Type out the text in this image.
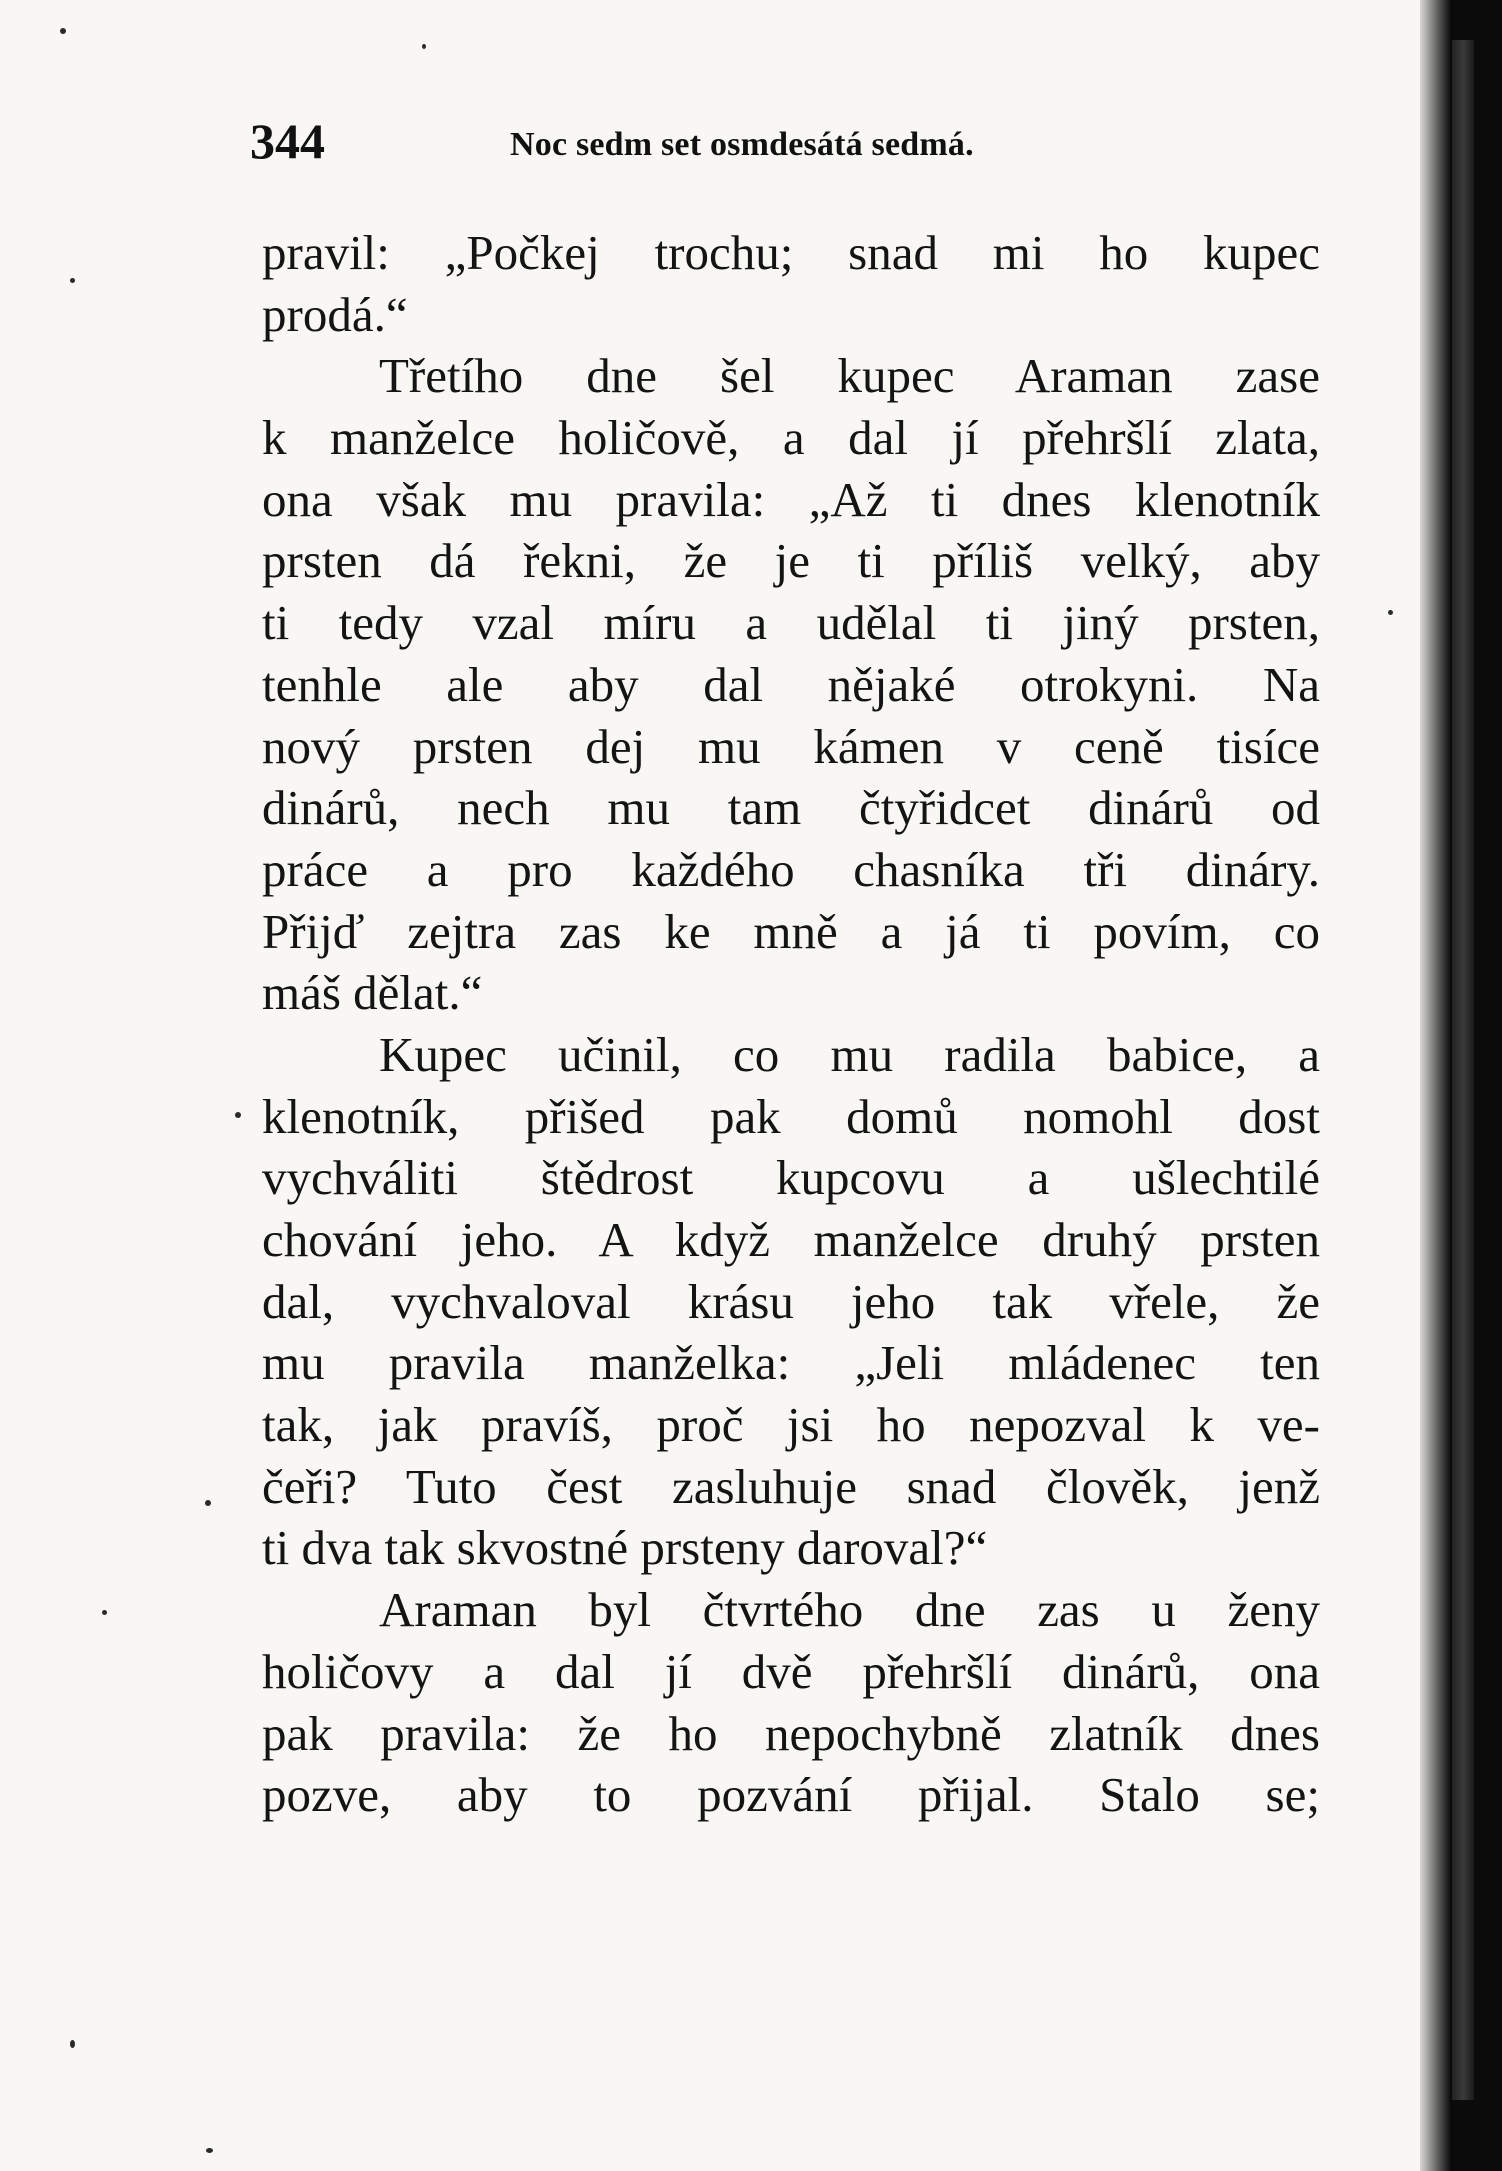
344	Noc sedm set osmdesátá sedmá.
pravil: „Počkej trochu; snad mi ho kupec
prodá.“
Třetího dne šel kupec Araman zase
k manželce holičově, a dal jí přehršlí zlata,
ona však mu pravila: „Až ti dnes klenotník
prsten dá řekni, že je ti příliš velký, aby
ti tedy vzal míru a udělal ti jiný prsten,
tenhle ale aby dal nějaké otrokyni. Na
nový prsten dej mu kámen v ceně tisíce
dinárů, nech mu tam čtyřidcet dinárů od
práce a pro každého chasníka tři dináry.
Přijď zejtra zas ke mně a já ti povím, co
máš dělat.“
Kupec učinil, co mu radila babice, a
klenotník, přišed pak domů nomohl dost
vychváliti štědrost kupcovu a ušlechtilé
chování jeho. A když manželce druhý prsten
dal, vychvaloval krásu jeho tak vřele, že
mu pravila manželka: „Jeli mládenec ten
tak, jak pravíš, proč jsi ho nepozval k ve-
čeři? Tuto čest zasluhuje snad člověk, jenž
ti dva tak skvostné prsteny daroval?“
Araman byl čtvrtého dne zas u ženy
holičovy a dal jí dvě přehršlí dinárů, ona
pak pravila: že ho nepochybně zlatník dnes
pozve, aby to pozvání přijal. Stalo se;
